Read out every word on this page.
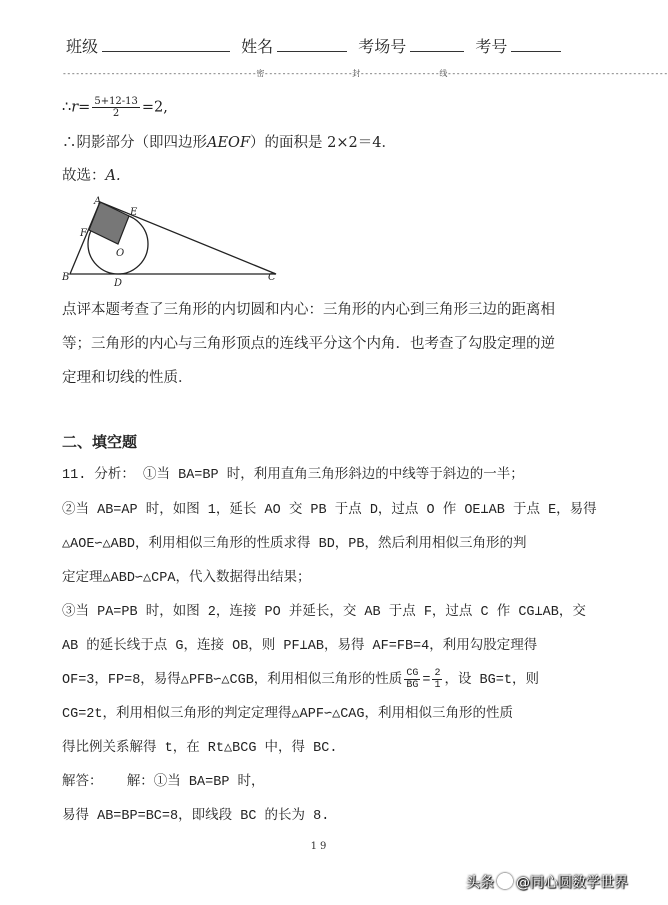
班级	姓名	考场号	考号
--------------------------------------------密--------------------封------------------线--------------------------------------------------
∴r= $\frac{5+12-13}{2} =2$,
∴阴影部分（即四边形AEOF）的面积是 2×2＝4．
故选：A.
A
E
F
O
B
D
C
点评本题考查了三角形的内切圆和内心：三角形的内心到三角形三边的距离相
等；三角形的内心与三角形顶点的连线平分这个内角．也考查了勾股定理的逆
定理和切线的性质．
二、填空题
11. 分析： ①当 BA=BP 时，利用直角三角形斜边的中线等于斜边的一半；
②当 AB=AP 时，如图 1，延长 AO 交 PB 于点 D，过点 O 作 OE⊥AB 于点 E，易得
△AOE∽△ABD，利用相似三角形的性质求得 BD，PB，然后利用相似三角形的判
定定理△ABD∽△CPA，代入数据得出结果；
③当 PA=PB 时，如图 2，连接 PO 并延长，交 AB 于点 F，过点 C 作 CG⊥AB，交
AB 的延长线于点 G，连接 OB，则 PF⊥AB，易得 AF=FB=4，利用勾股定理得
OF=3，FP=8，易得△PFB∽△CGB，利用相似三角形的性质 $\frac{CG}{BG} = \frac{2}{1}$ ，设 BG=t，则
CG=2t，利用相似三角形的判定定理得△APF∽△CAG，利用相似三角形的性质
得比例关系解得 t，在 Rt△BCG 中，得 BC.
解答： 解：①当 BA=BP 时，
易得 AB=BP=BC=8，即线段 BC 的长为 8.
19
头条 @同心圆数学世界
